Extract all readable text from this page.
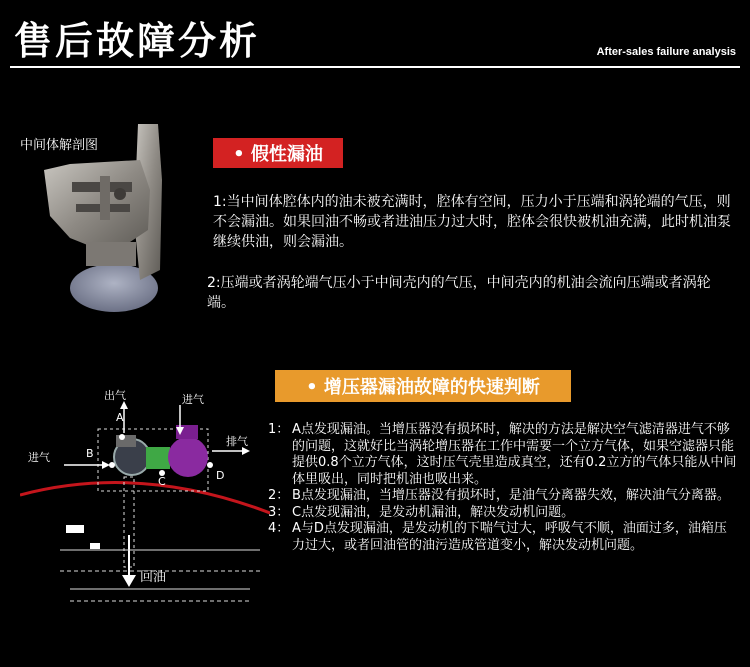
售后故障分析	After-sales failure analysis
中间体解剖图	• 假性漏油
1:当中间体腔体内的油未被充满时，腔体有空间，压力小于压端和涡轮端的气压，则不会漏油。如果回油不畅或者进油压力过大时，腔体会很快被机油充满，此时机油泵继续供油，则会漏油。
2:压端或者涡轮端气压小于中间壳内的气压，中间壳内的机油会流向压端或者涡轮端。
• 增压器漏油故障的快速判断
出气	进气
排气
进气
回油
A
B
C	D
1： A点发现漏油。当增压器没有损坏时，解决的方法是解决空气滤清器进气不够的问题，这就好比当涡轮增压器在工作中需要一个立方气体，如果空滤器只能提供0.8个立方气体，这时压气壳里造成真空，还有0.2立方的气体只能从中间体里吸出，同时把机油也吸出来。
2： B点发现漏油，当增压器没有损坏时，是油气分离器失效，解决油气分离器。
3： C点发现漏油，是发动机漏油，解决发动机问题。
4： A与D点发现漏油，是发动机的下喘气过大，呼吸气不顺，油面过多，油箱压力过大，或者回油管的油污造成管道变小，解决发动机问题。
